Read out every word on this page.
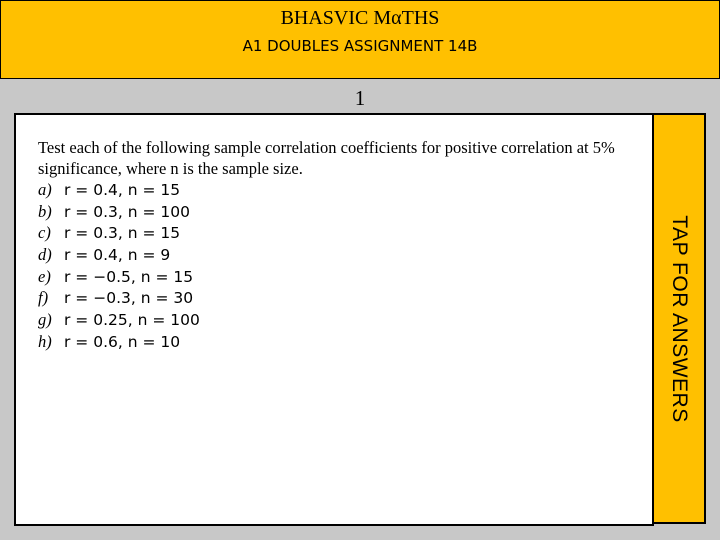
BHASVIC MαTHS
A1 DOUBLES ASSIGNMENT 14B
1
Test each of the following sample correlation coefficients for positive correlation at 5% significance, where n is the sample size.
a) r = 0.4, n = 15
b) r = 0.3, n = 100
c) r = 0.3, n = 15
d) r = 0.4, n = 9
e) r = −0.5, n = 15
f) r = −0.3, n = 30
g) r = 0.25, n = 100
h) r = 0.6, n = 10	TAP FOR ANSWERS
